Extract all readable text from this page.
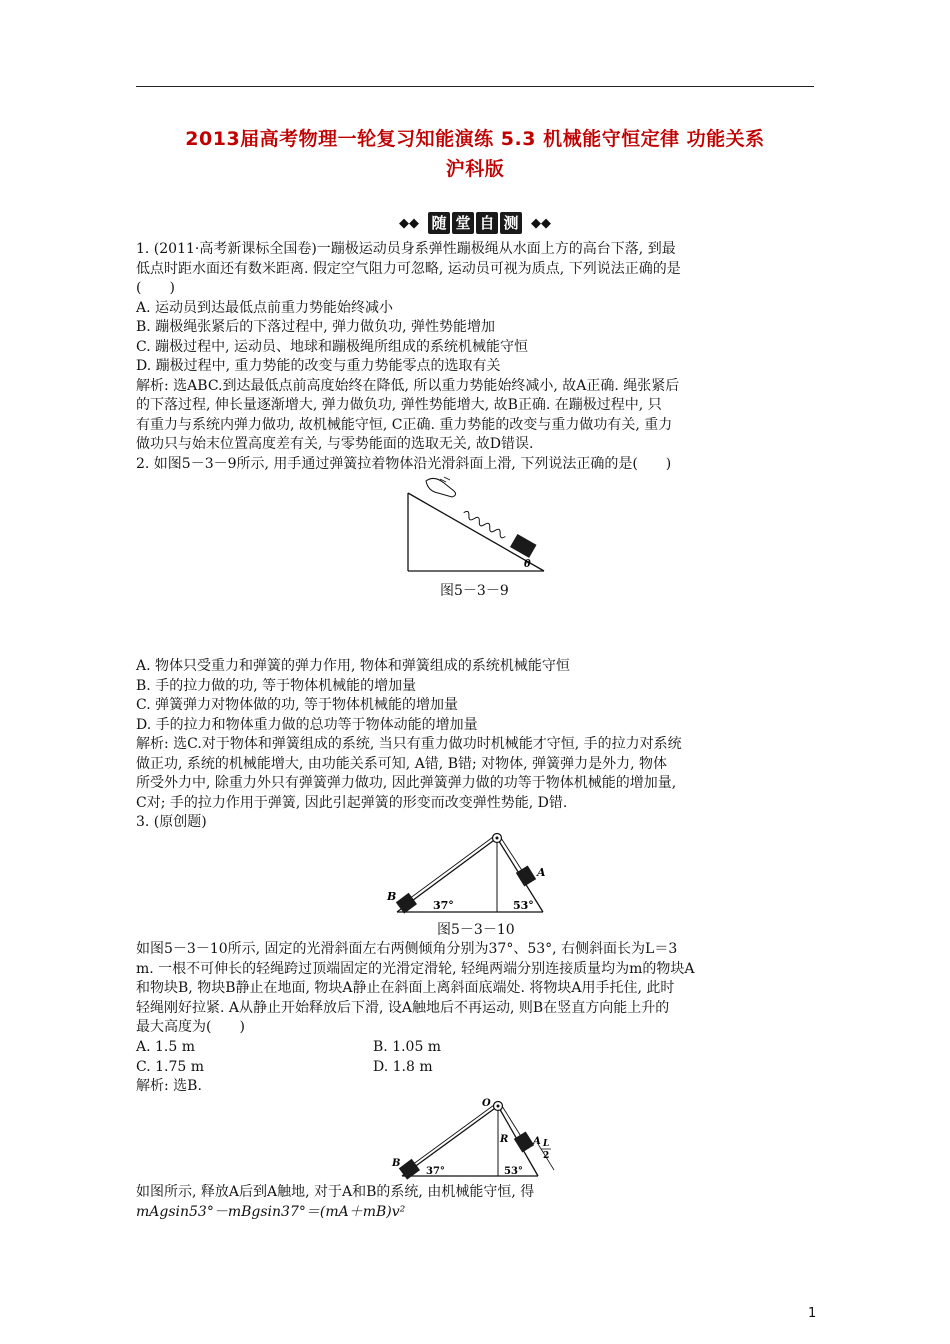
2013届高考物理一轮复习知能演练 5.3 机械能守恒定律 功能关系
沪科版
◆◆ 随 堂 自 测 ◆◆
1. (2011·高考新课标全国卷)一蹦极运动员身系弹性蹦极绳从水面上方的高台下落, 到最
低点时距水面还有数米距离. 假定空气阻力可忽略, 运动员可视为质点, 下列说法正确的是
(　　)
A. 运动员到达最低点前重力势能始终减小
B. 蹦极绳张紧后的下落过程中, 弹力做负功, 弹性势能增加
C. 蹦极过程中, 运动员、地球和蹦极绳所组成的系统机械能守恒
D. 蹦极过程中, 重力势能的改变与重力势能零点的选取有关
解析: 选ABC.到达最低点前高度始终在降低, 所以重力势能始终减小, 故A正确. 绳张紧后
的下落过程, 伸长量逐渐增大, 弹力做负功, 弹性势能增大, 故B正确. 在蹦极过程中, 只
有重力与系统内弹力做功, 故机械能守恒, C正确. 重力势能的改变与重力做功有关, 重力
做功只与始末位置高度差有关, 与零势能面的选取无关, 故D错误.
2. 如图5－3－9所示, 用手通过弹簧拉着物体沿光滑斜面上滑, 下列说法正确的是(　　)
θ
图5－3－9
A. 物体只受重力和弹簧的弹力作用, 物体和弹簧组成的系统机械能守恒
B. 手的拉力做的功, 等于物体机械能的增加量
C. 弹簧弹力对物体做的功, 等于物体机械能的增加量
D. 手的拉力和物体重力做的总功等于物体动能的增加量
解析: 选C.对于物体和弹簧组成的系统, 当只有重力做功时机械能才守恒, 手的拉力对系统
做正功, 系统的机械能增大, 由功能关系可知, A错, B错; 对物体, 弹簧弹力是外力, 物体
所受外力中, 除重力外只有弹簧弹力做功, 因此弹簧弹力做的功等于物体机械能的增加量,
C对; 手的拉力作用于弹簧, 因此引起弹簧的形变而改变弹性势能, D错.
3. (原创题)
B
A
37°	53°
图5－3－10
如图5－3－10所示, 固定的光滑斜面左右两侧倾角分别为37°、53°, 右侧斜面长为L＝3
m. 一根不可伸长的轻绳跨过顶端固定的光滑定滑轮, 轻绳两端分别连接质量均为m的物块A
和物块B, 物块B静止在地面, 物块A静止在斜面上离斜面底端处. 将物块A用手托住, 此时
轻绳刚好拉紧. A从静止开始释放后下滑, 设A触地后不再运动, 则B在竖直方向能上升的
最大高度为(　　)
A. 1.5 m	B. 1.05 m
C. 1.75 m	D. 1.8 m
解析: 选B.
O
R A L
2
B
37°	53°
如图所示, 释放A后到A触地, 对于A和B的系统, 由机械能守恒, 得
mAgsin53°－mBgsin37°＝(mA＋mB)v²
1
